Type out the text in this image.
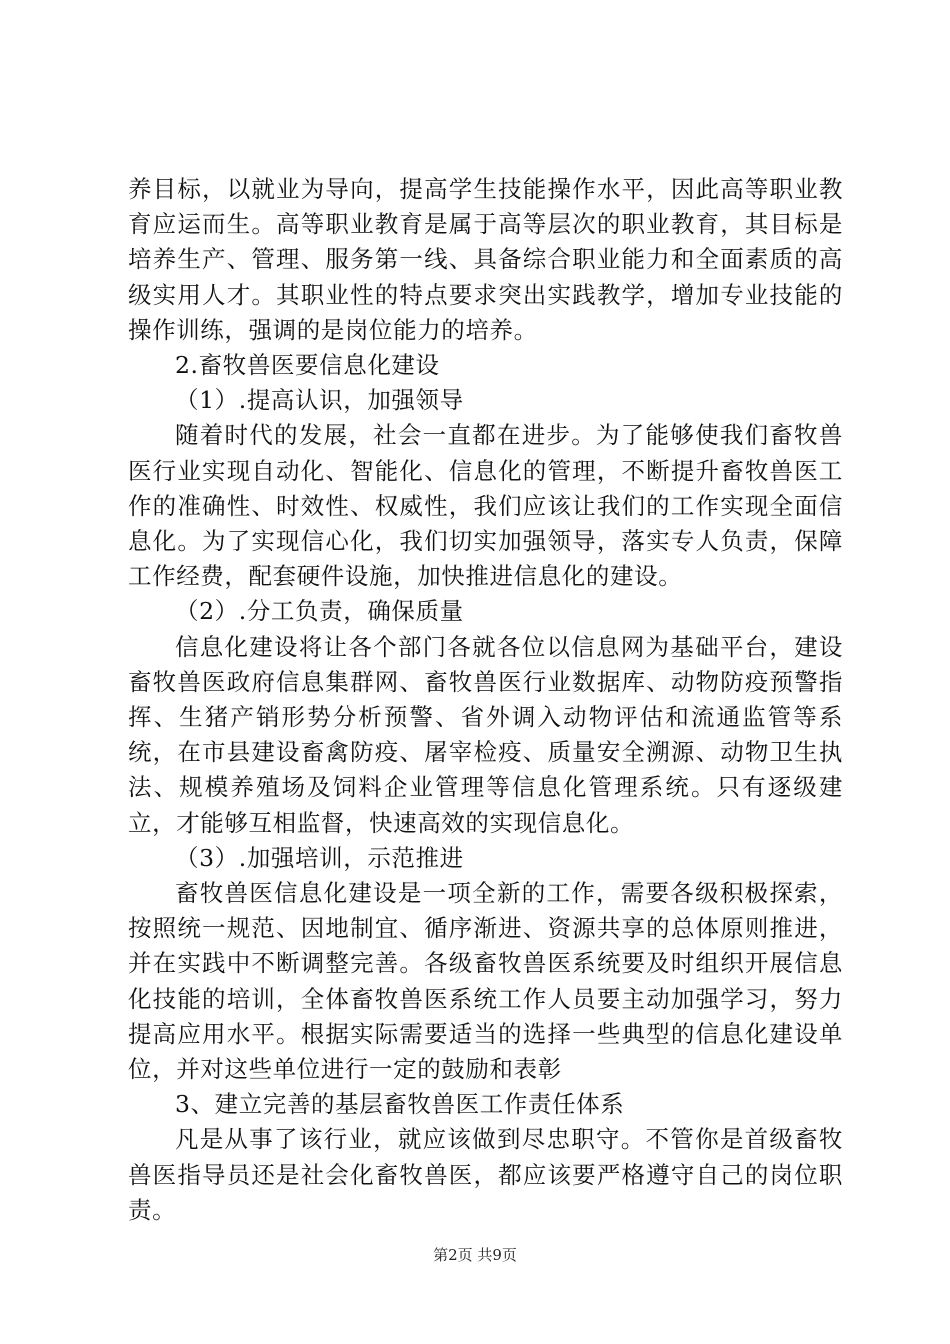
养目标，以就业为导向，提高学生技能操作水平，因此高等职业教育应运而生。高等职业教育是属于高等层次的职业教育，其目标是培养生产、管理、服务第一线、具备综合职业能力和全面素质的高级实用人才。其职业性的特点要求突出实践教学，增加专业技能的操作训练，强调的是岗位能力的培养。

2.畜牧兽医要信息化建设

（1）.提高认识，加强领导

随着时代的发展，社会一直都在进步。为了能够使我们畜牧兽医行业实现自动化、智能化、信息化的管理，不断提升畜牧兽医工作的准确性、时效性、权威性，我们应该让我们的工作实现全面信息化。为了实现信心化，我们切实加强领导，落实专人负责，保障工作经费，配套硬件设施，加快推进信息化的建设。

（2）.分工负责，确保质量

信息化建设将让各个部门各就各位以信息网为基础平台，建设畜牧兽医政府信息集群网、畜牧兽医行业数据库、动物防疫预警指挥、生猪产销形势分析预警、省外调入动物评估和流通监管等系统，在市县建设畜禽防疫、屠宰检疫、质量安全溯源、动物卫生执法、规模养殖场及饲料企业管理等信息化管理系统。只有逐级建立，才能够互相监督，快速高效的实现信息化。

（3）.加强培训，示范推进

畜牧兽医信息化建设是一项全新的工作，需要各级积极探索，按照统一规范、因地制宜、循序渐进、资源共享的总体原则推进，并在实践中不断调整完善。各级畜牧兽医系统要及时组织开展信息化技能的培训，全体畜牧兽医系统工作人员要主动加强学习，努力提高应用水平。根据实际需要适当的选择一些典型的信息化建设单位，并对这些单位进行一定的鼓励和表彰

3、建立完善的基层畜牧兽医工作责任体系

凡是从事了该行业，就应该做到尽忠职守。不管你是首级畜牧兽医指导员还是社会化畜牧兽医，都应该要严格遵守自己的岗位职责。

第2页 共9页
